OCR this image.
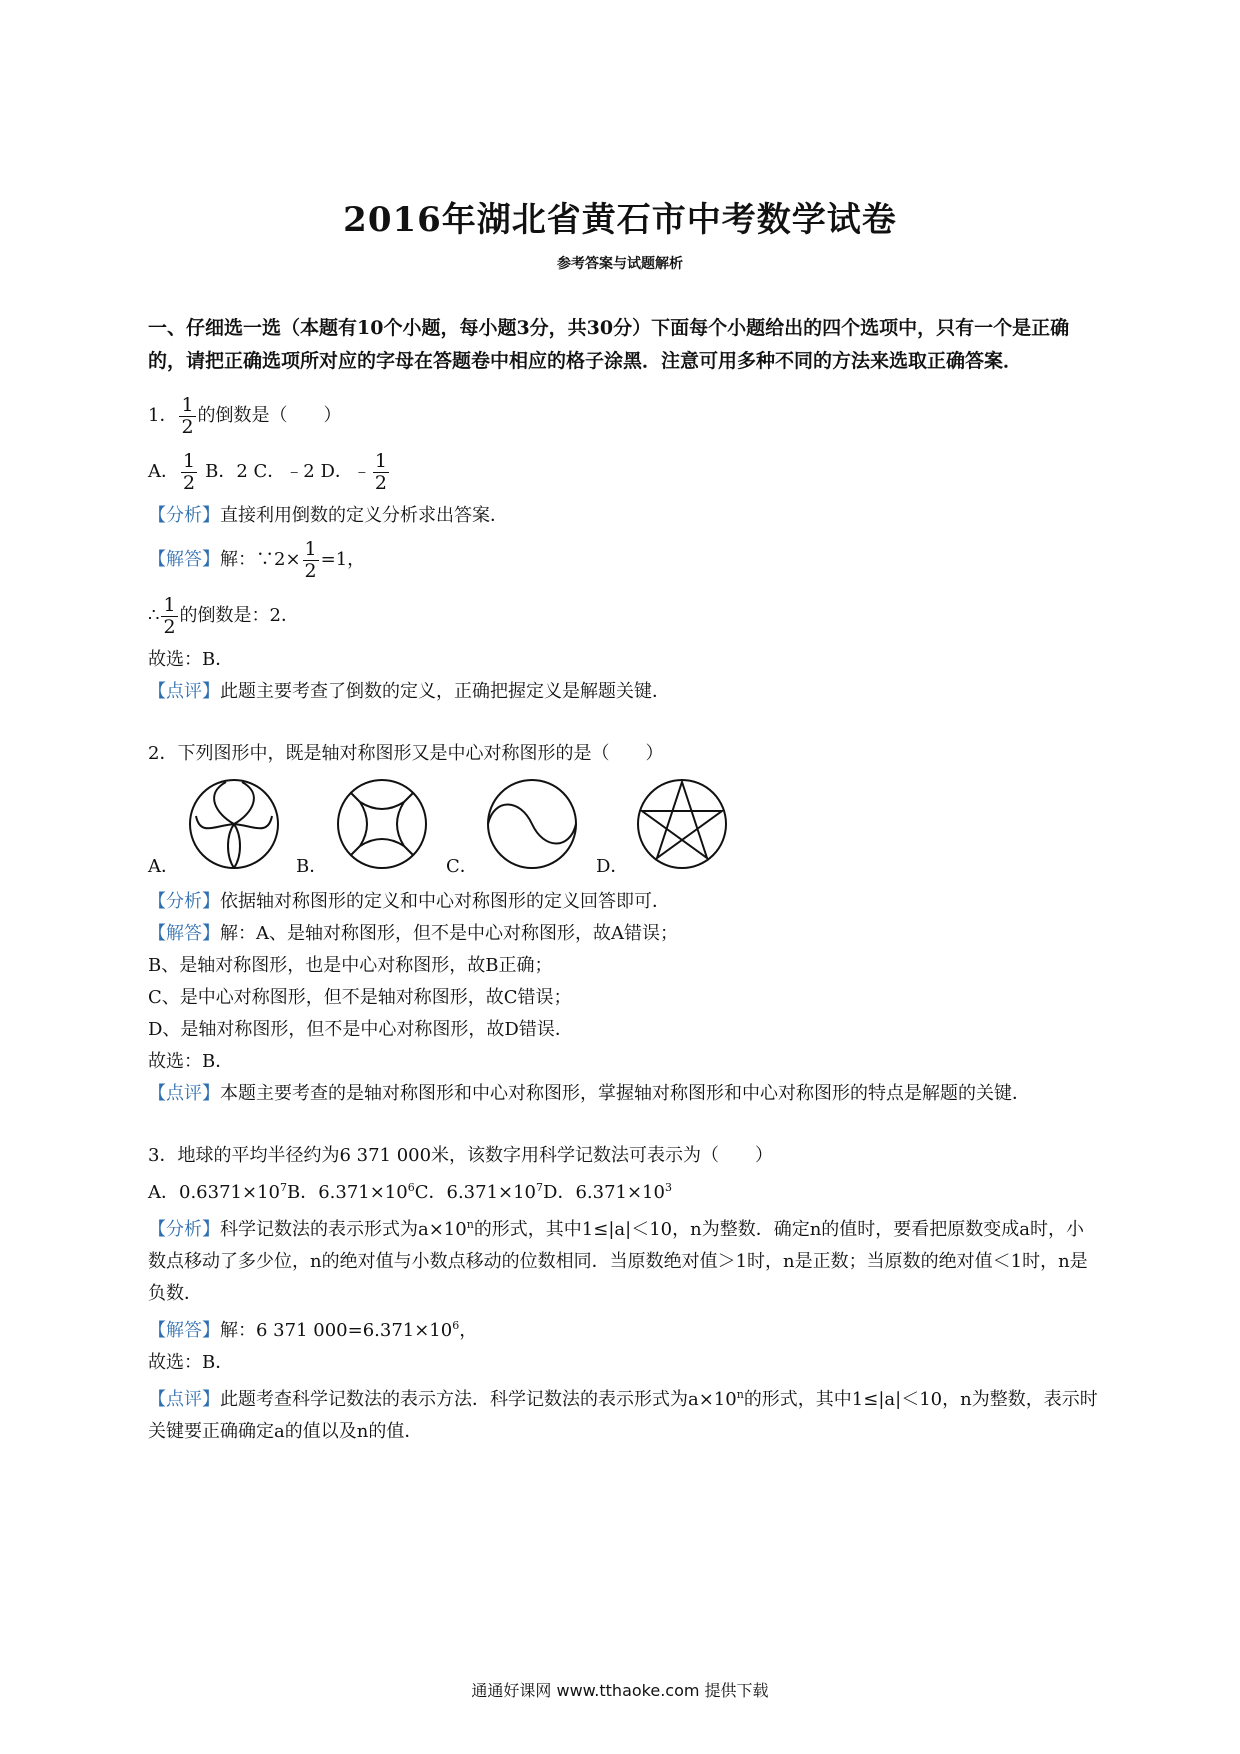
2016年湖北省黄石市中考数学试卷
参考答案与试题解析
一、仔细选一选（本题有10个小题，每小题3分，共30分）下面每个小题给出的四个选项中，只有一个是正确的，请把正确选项所对应的字母在答题卷中相应的格子涂黑．注意可用多种不同的方法来选取正确答案．
1． $\frac{1}{2}$ 的倒数是（　　）
A． $\frac{1}{2}$ B．2 C．﹣2 D．﹣ $\frac{1}{2}$
【分析】直接利用倒数的定义分析求出答案．
【解答】 解：∵2× $\frac{1}{2} =1$，
∴ $\frac{1}{2}$ 的倒数是：2．
故选：B．
【点评】此题主要考查了倒数的定义，正确把握定义是解题关键．
2．下列图形中，既是轴对称图形又是中心对称图形的是（　　）
A．	B．	C．	D．
【分析】依据轴对称图形的定义和中心对称图形的定义回答即可．
【解答】解：A、是轴对称图形，但不是中心对称图形，故A错误；
B、是轴对称图形，也是中心对称图形，故B正确；
C、是中心对称图形，但不是轴对称图形，故C错误；
D、是轴对称图形，但不是中心对称图形，故D错误．
故选：B．
【点评】本题主要考查的是轴对称图形和中心对称图形，掌握轴对称图形和中心对称图形的特点是解题的关键．
3．地球的平均半径约为6 371 000米，该数字用科学记数法可表示为（　　）
A．$0.6371\times 10^7B$．$6.371\times 10^6C$．$6.371\times 10^7D$．$6.371\times 10^3$
【分析】科学记数法的表示形式为$a\times 10^n$的形式，其中1≤|a|＜10，n为整数．确定n的值时，要看把原数变成a时，小数点移动了多少位，n的绝对值与小数点移动的位数相同．当原数绝对值＞1时，n是正数；当原数的绝对值＜1时，n是负数．
【解答】解：6 371 $000=6.371\times 10^6$，
故选：B．
【点评】此题考查科学记数法的表示方法．科学记数法的表示形式为$a\times 10^n$的形式，其中1≤|a|＜10，n为整数，表示时关键要正确确定a的值以及n的值．
通通好课网 www.tthaoke.com 提供下载
